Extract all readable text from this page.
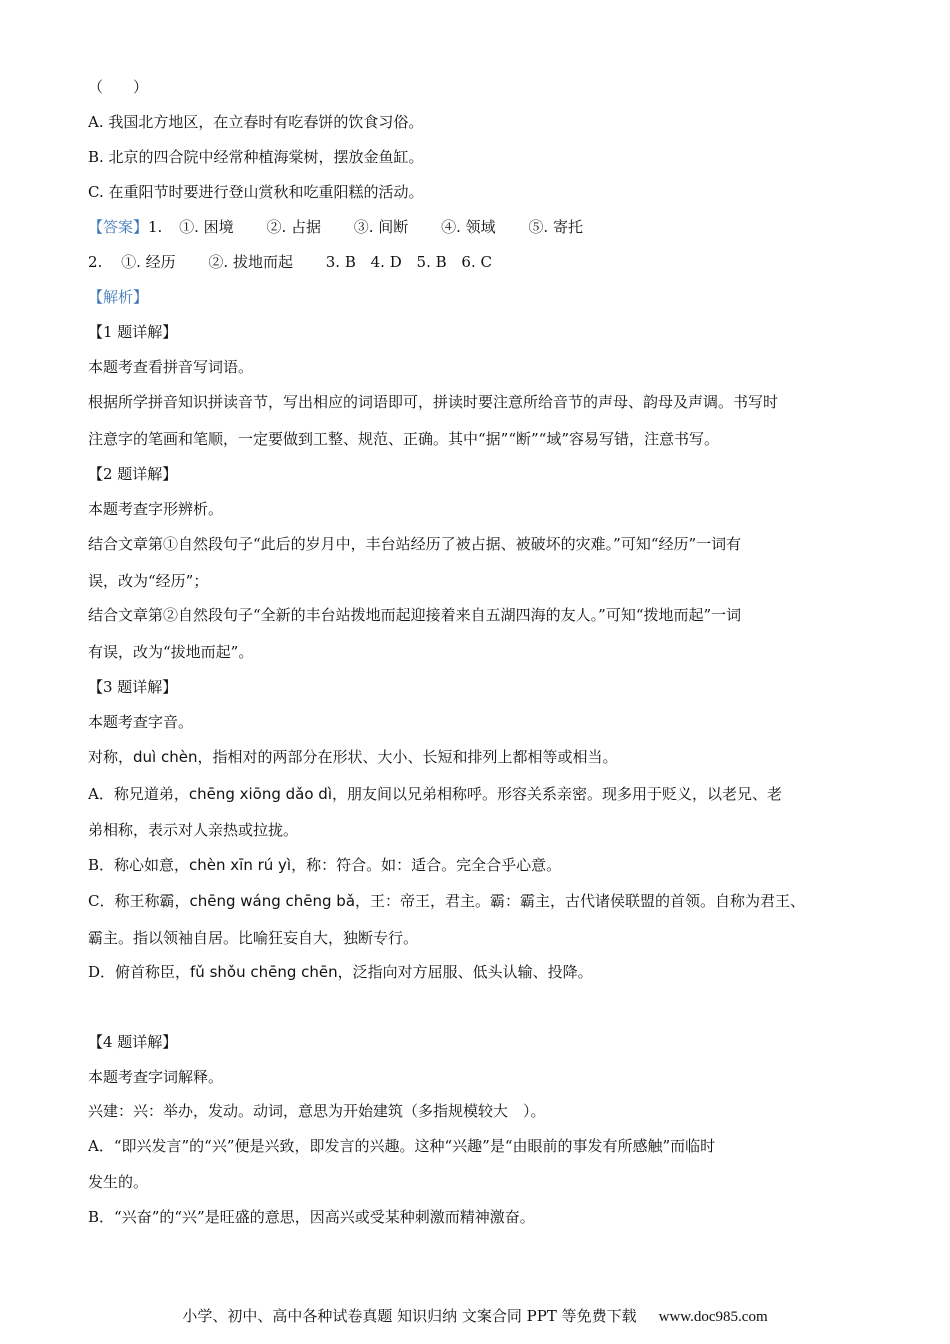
（　　）
A. 我国北方地区，在立春时有吃春饼的饮食习俗。
B. 北京的四合院中经常种植海棠树，摆放金鱼缸。
C. 在重阳节时要进行登山赏秋和吃重阳糕的活动。
【答案】1. ①. 困境 ②. 占据 ③. 间断 ④. 领域 ⑤. 寄托
2. ①. 经历 ②. 拔地而起 3. B 4. D 5. B 6. C
【解析】
【1 题详解】
本题考查看拼音写词语。
根据所学拼音知识拼读音节，写出相应的词语即可，拼读时要注意所给音节的声母、韵母及声调。书写时
注意字的笔画和笔顺，一定要做到工整、规范、正确。其中“据”“断”“域”容易写错，注意书写。
【2 题详解】
本题考查字形辨析。
结合文章第①自然段句子“此后的岁月中，丰台站经历了被占据、被破坏的灾难。”可知“经历”一词有
误，改为“经历”；
结合文章第②自然段句子“全新的丰台站拨地而起迎接着来自五湖四海的友人。”可知“拨地而起”一词
有误，改为“拔地而起”。
【3 题详解】
本题考查字音。
对称，duì chèn，指相对的两部分在形状、大小、长短和排列上都相等或相当。
A．称兄道弟，chēng xiōng dǎo dì，朋友间以兄弟相称呼。形容关系亲密。现多用于贬义，以老兄、老
弟相称，表示对人亲热或拉拢。
B．称心如意，chèn xīn rú yì，称：符合。如：适合。完全合乎心意。
C．称王称霸，chēng wáng chēng bǎ，王：帝王，君主。霸：霸主，古代诸侯联盟的首领。自称为君王、
霸主。指以领袖自居。比喻狂妄自大，独断专行。
D．俯首称臣，fǔ shǒu chēng chēn，泛指向对方屈服、低头认输、投降。
【4 题详解】
本题考查字词解释。
兴建：兴：举办，发动。动词，意思为开始建筑（多指规模较大　）。
A．“即兴发言”的“兴”便是兴致，即发言的兴趣。这种“兴趣”是“由眼前的事发有所感触”而临时
发生的。
B．“兴奋”的“兴”是旺盛的意思，因高兴或受某种刺激而精神激奋。
小学、初中、高中各种试卷真题 知识归纳 文案合同 PPT 等免费下载 www.doc985.com
